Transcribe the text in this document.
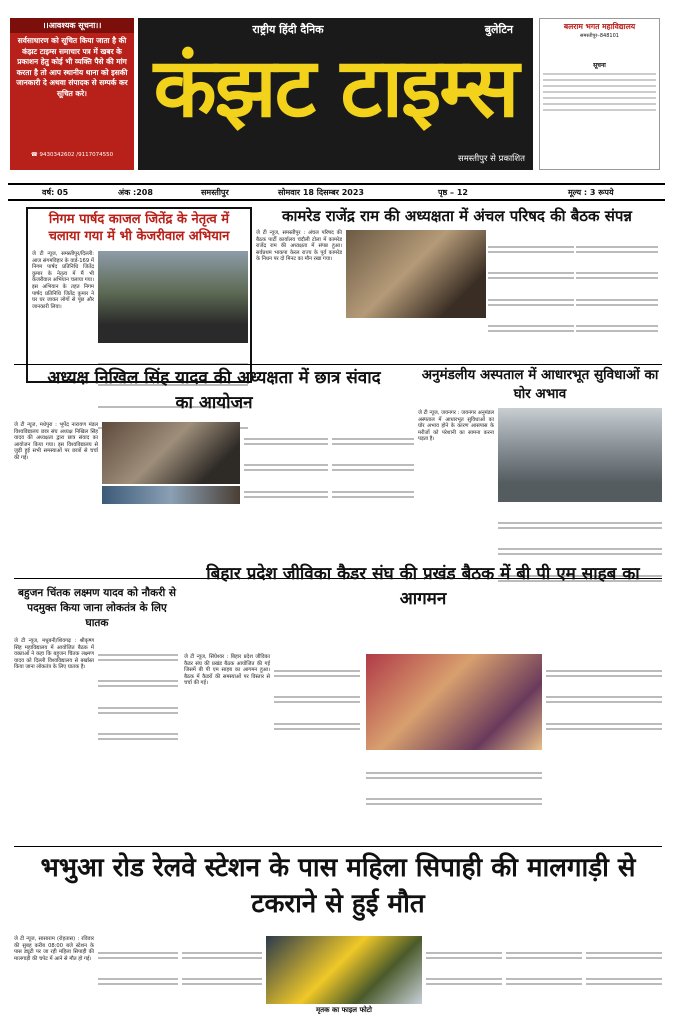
।।आवश्यक सूचना।।
सर्वसाधारण को सूचित किया जाता है की कंझट टाइम्स समाचार पत्र में खबर के प्रकाशन हेतु कोई भी व्यक्ति पैसे की मांग करता है तो आप स्थानीय थाना को इसकी जानकारी दे अथवा संपादक से सम्पर्क कर सूचित करे।
☎ 9430342602 /9117074550
राष्ट्रीय हिंदी दैनिक	बुलेटिन
कंझट टाइम्स
समस्तीपुर से प्रकाशित
बलराम भगत महाविद्यालय
समस्तीपुर–848101
सूचना
वर्ष: 05	अंक :208	समस्तीपुर	सोमवार 18 दिसम्बर 2023	पृष्ठ – 12	मूल्य : 3 रूपये
निगम पार्षद काजल जितेंद्र के नेतृत्व में चलाया गया में भी केजरीवाल अभियान
जे टी न्यूज, समस्तीपुर/दिल्ली: आज संगमविहार के वार्ड-169 में निगम पार्षद प्रतिनिधि जितेंद्र कुमार के नेतृत्व में मैं भी केजरीवाल अभियान चलाया गया। इस अभियान के तहत निगम पार्षद प्रतिनिधि जितेंद्र कुमार ने घर घर जाकर लोगों से पूछ और जानकारी लिया।

कामरेड राजेंद्र राम की अध्यक्षता में अंचल परिषद की बैठक संपन्न
जे टी न्यूज, समस्तीपुर : अंचल परिषद की बैठक पार्टी कार्यालय चंदौली टोला में कामरेड राजेंद्र राम की अध्यक्षता में संपन्न हुआ। सर्वप्रथम भाकपा केरल राज्य के पूर्व कामरेड के निधन पर दो मिनट का मौन रखा गया।

अध्यक्ष निखिल सिंह यादव की अध्यक्षता में छात्र संवाद का आयोजन
जे टी न्यूज, मधेपुरा : भूपेंद्र नारायण मंडल विश्वविद्यालय छात्र संघ अध्यक्ष निखिल सिंह यादव की अध्यक्षता द्वारा छात्र संवाद का आयोजन किया गया। इस विश्वविद्यालय से जुड़ी हुई सभी समस्याओं पर छात्रों से चर्चा की गई।

अनुमंडलीय अस्पताल में आधारभूत सुविधाओं का घोर अभाव
जे टी न्यूज, जयनगर : जयनगर अनुमंडल अस्पताल में आधारभूत सुविधाओं का घोर अभाव होने के कारण आसपास के मरीजों को परेशानी का सामना करना पड़ता है।

बहुजन चिंतक लक्ष्मण यादव को नौकरी से पदमुक्त किया जाना लोकतंत्र के लिए घातक
जे टी न्यूज, मधुबनी/शिवगढ़ : श्रीकृष्ण सिंह महाविद्यालय में आयोजित बैठक में वक्ताओं ने कहा कि बहुजन चिंतक लक्ष्मण यादव को दिल्ली विश्वविद्यालय से बर्खास्त किया जाना लोकतंत्र के लिए घातक है।

बिहार प्रदेश जीविका कैडर संघ की प्रखंड बैठक में बी पी एम साहब का आगमन
जे टी न्यूज, सिंघेश्वर : बिहार प्रदेश जीविका कैडर संघ की प्रखंड बैठक आयोजित की गई जिसमें बी पी एम साहब का आगमन हुआ। बैठक में कैडरों की समस्याओं पर विस्तार से चर्चा की गई।

भभुआ रोड रेलवे स्टेशन के पास महिला सिपाही की मालगाड़ी से टकराने से हुई मौत
जे टी न्यूज, सासाराम (रोहतास) : रविवार की सुबह करीब 08:00 बजे स्टेशन के पास ड्यूटी पर जा रही महिला सिपाही की मालगाड़ी की चपेट में आने से मौत हो गई।

मृतक का फाइल फोटो
